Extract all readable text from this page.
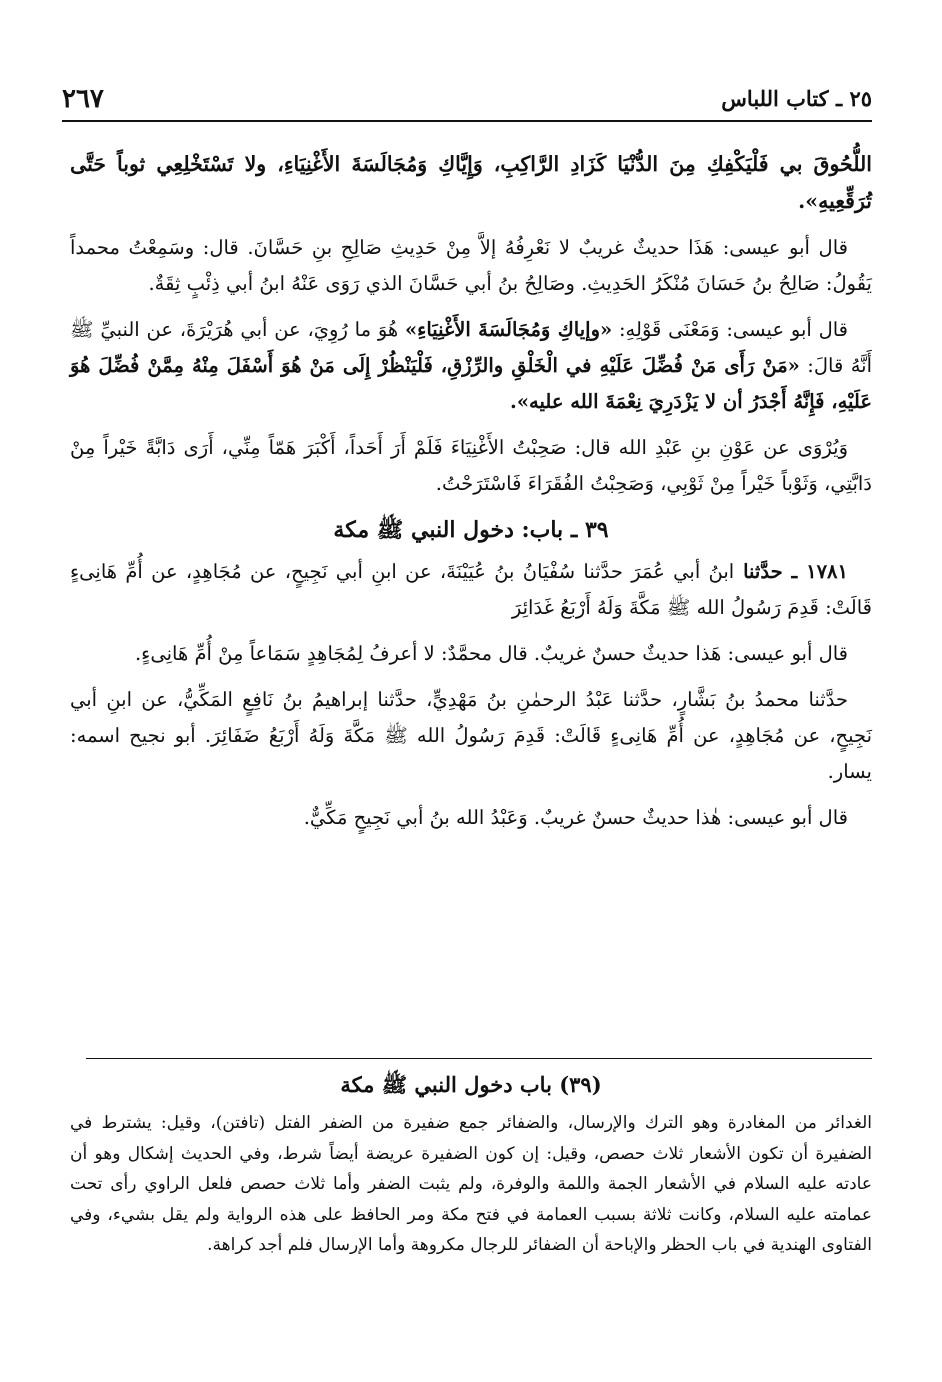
٢٥ ـ كتاب اللباس
٢٦٧

اللُّحُوقَ بي فَلْيَكْفِكِ مِنَ الدُّنْيَا كَزَادِ الرَّاكِبِ، وَإِيَّاكِ وَمُجَالَسَةَ الأَغْنِيَاءِ، ولا تَسْتَخْلِعِي ثوباً حَتَّى تُرَقِّعِيهِ».

قال أبو عيسى: هَذَا حديثٌ غريبٌ لا نَعْرِفُهُ إلاَّ مِنْ حَدِيثِ صَالِحِ بنِ حَسَّانَ. قال: وسَمِعْتُ محمداً يَقُولُ: صَالِحُ بنُ حَسَانَ مُنْكَرُ الحَدِيثِ. وصَالِحُ بنُ أبي حَسَّانَ الذي رَوَى عَنْهُ ابنُ أبي ذِئْبٍ ثِقَةٌ.

قال أبو عيسى: وَمَعْنَى قَوْلِهِ: «وإياكِ وَمُجَالَسَةَ الأَغْنِيَاءِ» هُوَ ما رُوِيَ، عن أبي هُرَيْرَةَ، عن النبيِّ ﷺ أَنَّهُ قالَ: «مَنْ رَأَى مَنْ فُضِّلَ عَلَيْهِ في الْخَلْقِ والرِّزْقِ، فَلْيَنْظُرْ إِلَى مَنْ هُوَ أَسْفَلَ مِنْهُ مِمَّنْ فُضِّلَ هُوَ عَلَيْهِ، فَإِنَّهُ أَجْدَرُ أن لا يَزْدَرِيَ نِعْمَةَ الله عليه».

وَيُرْوَى عن عَوْنِ بنِ عَبْدِ الله قال: صَحِبْتُ الأَغْنِيَاءَ فَلَمْ أَرَ أَحَداً، أَكْبَرَ هَمّاً مِنِّي، أَرَى دَابَّةً خَيْراً مِنْ دَابَّتِي، وَثَوْباً خَيْراً مِنْ ثَوْبِي، وَصَحِبْتُ الفُقَرَاءَ فَاسْتَرَحْتُ.

٣٩ ـ باب: دخول النبي ﷺ مكة

١٧٨١ ـ حدَّثنا ابنُ أبي عُمَرَ حدَّثنا سُفْيَانُ بنُ عُيَيْنَةَ، عن ابنِ أبي نَجِيحٍ، عن مُجَاهِدٍ، عن أُمِّ هَانِىءٍ قَالَتْ: قَدِمَ رَسُولُ الله ﷺ مَكَّةَ وَلَهُ أَرْبَعُ غَدَائِرَ

قال أبو عيسى: هَذا حديثٌ حسنٌ غريبٌ. قال محمَّدٌ: لا أعرفُ لِمُجَاهِدٍ سَمَاعاً مِنْ أُمِّ هَانِىءٍ.

حدَّثنا محمدُ بنُ بَشَّارٍ، حدَّثنا عَبْدُ الرحمٰنِ بنُ مَهْدِيٍّ، حدَّثنا إبراهيمُ بنُ نَافِعٍ المَكِّيُّ، عن ابنِ أبي نَجِيحٍ، عن مُجَاهِدٍ، عن أُمِّ هَانِىءٍ قَالَتْ: قَدِمَ رَسُولُ الله ﷺ مَكَّةَ وَلَهُ أَرْبَعُ ضَفَائِرَ. أبو نجيح اسمه: يسار.

قال أبو عيسى: هٰذا حديثٌ حسنٌ غريبٌ. وَعَبْدُ الله بنُ أبي نَجِيحٍ مَكِّيٌّ.

(٣٩) باب دخول النبي ﷺ مكة

الغدائر من المغادرة وهو الترك والإرسال، والضفائر جمع ضفيرة من الضفر الفتل (تافتن)، وقيل: يشترط في الضفيرة أن تكون الأشعار ثلاث حصص، وقيل: إن كون الضفيرة عريضة أيضاً شرط، وفي الحديث إشكال وهو أن عادته عليه السلام في الأشعار الجمة واللمة والوفرة، ولم يثبت الضفر وأما ثلاث حصص فلعل الراوي رأى تحت عمامته عليه السلام، وكانت ثلاثة بسبب العمامة في فتح مكة ومر الحافظ على هذه الرواية ولم يقل بشيء، وفي الفتاوى الهندية في باب الحظر والإباحة أن الضفائر للرجال مكروهة وأما الإرسال فلم أجد كراهة.
